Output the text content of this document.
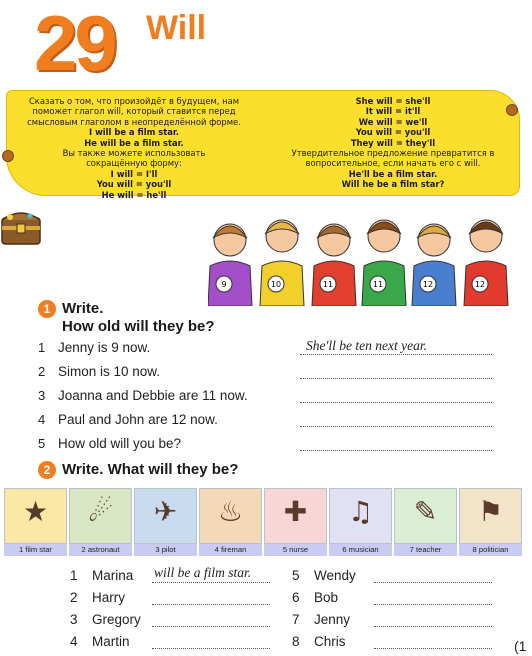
29 Will
Сказать о том, что произойдёт в будущем, нам
поможет глагол will, который ставится перед
смысловым глаголом в неопределённой форме.
I will be a film star.
He will be a film star.
Вы также можете использовать
сокращённую форму:
I will = I'll
You will = you'll
He will = he'll
She will = she'll
It will = it'll
We will = we'll
You will = you'll
They will = they'll
Утвердительное предложение превратится в
вопросительное, если начать его с will.
He'll be a film star.
Will he be a film star?
9	10	11	11	12	12
1 Write.
How old will they be?
1 Jenny is 9 now.	She'll be ten next year.
2 Simon is 10 now.
3 Joanna and Debbie are 11 now.
4 Paul and John are 12 now.
5 How old will you be?
2 Write. What will they be?
★
1 film star
☄
2 astronaut
✈
3 pilot
♨
4 fireman
✚
5 nurse
♫
6 musician
✎
7 teacher
⚑
8 politician
1 Marina will be a film star.
2 Harry
3 Gregory
4 Martin
5 Wendy
6 Bob
7 Jenny
8 Chris	(1
